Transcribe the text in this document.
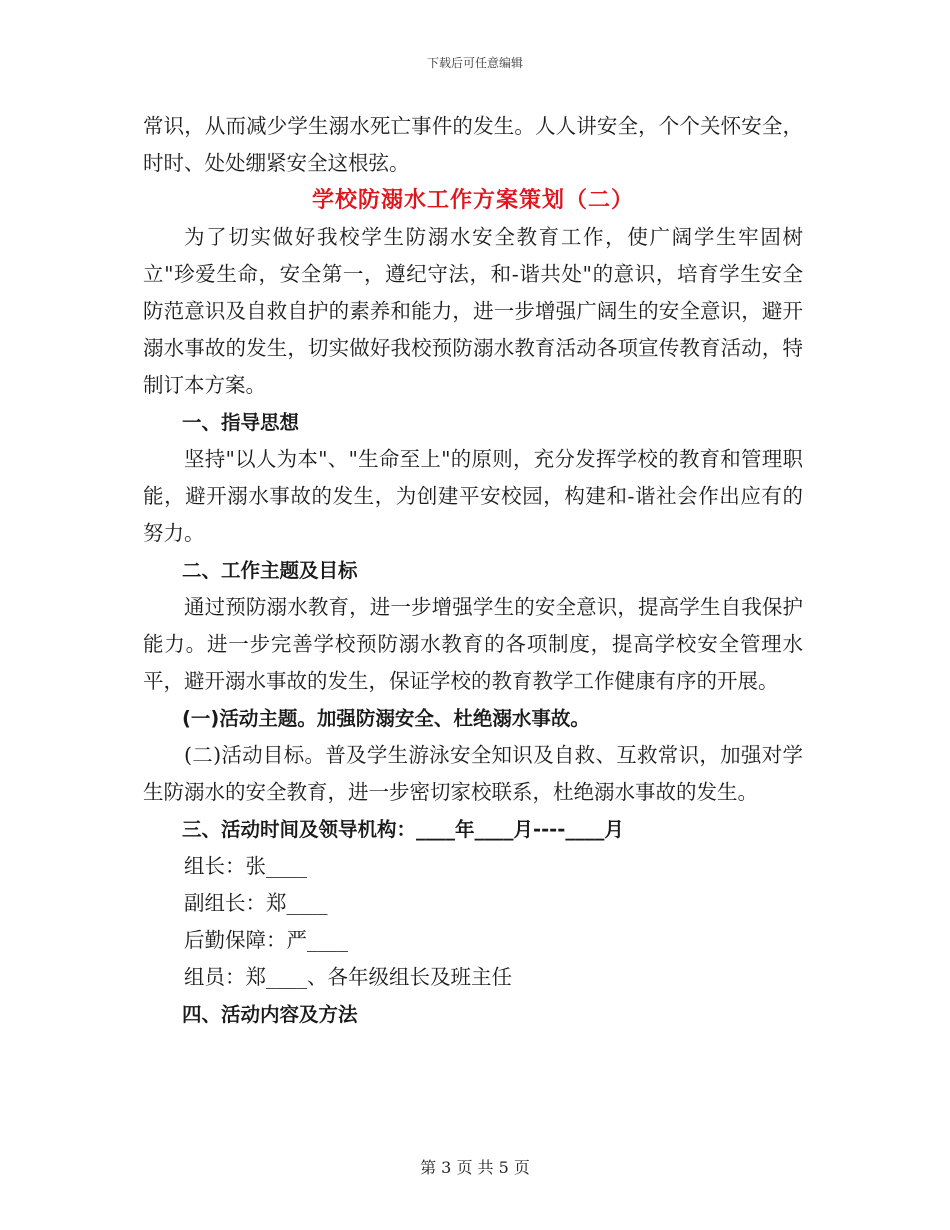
下载后可任意编辑

常识，从而减少学生溺水死亡事件的发生。人人讲安全，个个关怀安全，时时、处处绷紧安全这根弦。

学校防溺水工作方案策划（二）

为了切实做好我校学生防溺水安全教育工作，使广阔学生牢固树立"珍爱生命，安全第一，遵纪守法，和-谐共处"的意识，培育学生安全防范意识及自救自护的素养和能力，进一步增强广阔生的安全意识，避开溺水事故的发生，切实做好我校预防溺水教育活动各项宣传教育活动，特制订本方案。

一、指导思想

坚持"以人为本"、"生命至上"的原则，充分发挥学校的教育和管理职能，避开溺水事故的发生，为创建平安校园，构建和-谐社会作出应有的努力。

二、工作主题及目标

通过预防溺水教育，进一步增强学生的安全意识，提高学生自我保护能力。进一步完善学校预防溺水教育的各项制度，提高学校安全管理水平，避开溺水事故的发生，保证学校的教育教学工作健康有序的开展。

(一)活动主题。加强防溺安全、杜绝溺水事故。

(二)活动目标。普及学生游泳安全知识及自救、互救常识，加强对学生防溺水的安全教育，进一步密切家校联系，杜绝溺水事故的发生。

三、活动时间及领导机构：____年____月----____月

组长：张____

副组长：郑____

后勤保障：严____

组员：郑____、各年级组长及班主任

四、活动内容及方法

第 3 页 共 5 页
